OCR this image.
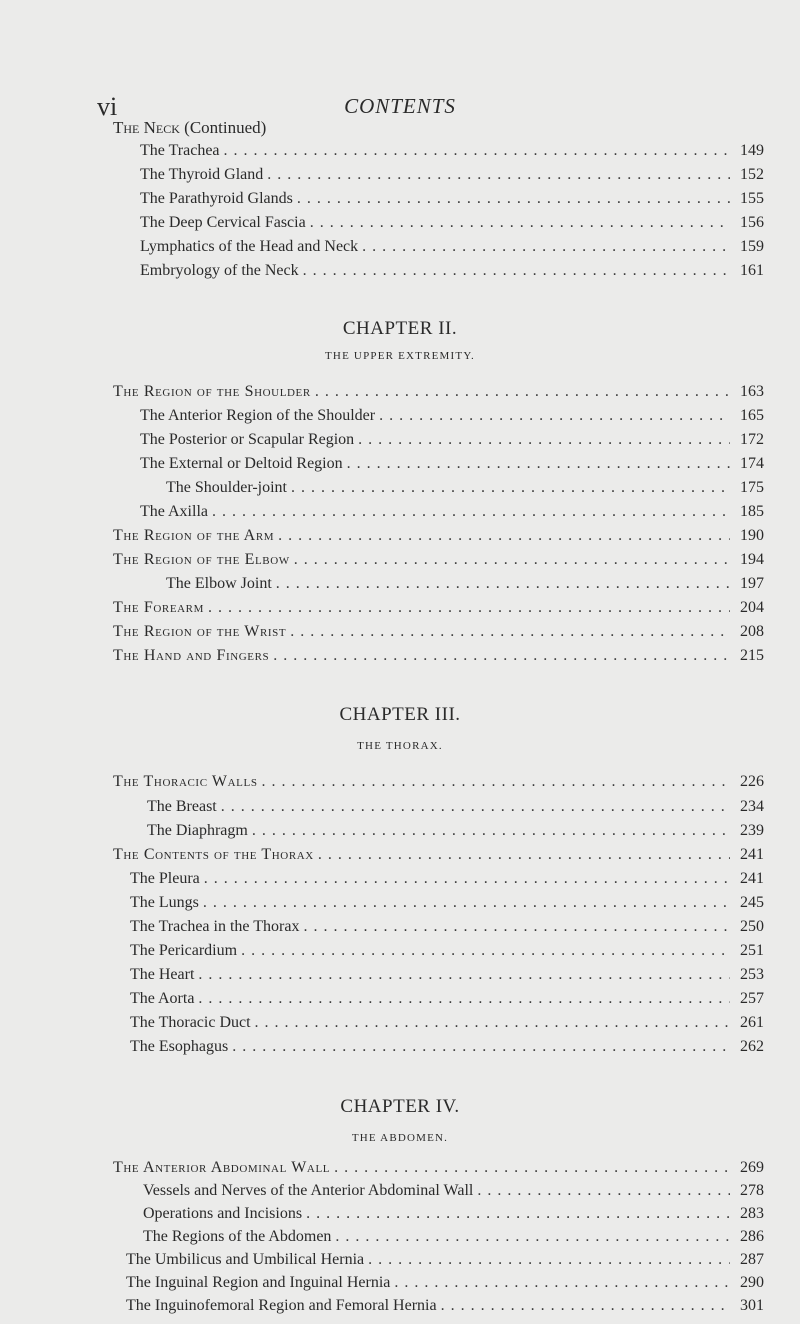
vi	CONTENTS
The Neck (Continued)
The Trachea . . .	149
The Thyroid Gland . . .	152
The Parathyroid Glands . . .	155
The Deep Cervical Fascia . . .	156
Lymphatics of the Head and Neck . . .	159
Embryology of the Neck . . .	161
CHAPTER II.
THE UPPER EXTREMITY.
The Region of the Shoulder . . .	163
The Anterior Region of the Shoulder . . .	165
The Posterior or Scapular Region . . .	172
The External or Deltoid Region . . .	174
The Shoulder-joint . . .	175
The Axilla . . .	185
The Region of the Arm . . .	190
The Region of the Elbow . . .	194
The Elbow Joint . . .	197
The Forearm . . .	204
The Region of the Wrist . . .	208
The Hand and Fingers . . .	215
CHAPTER III.
THE THORAX.
The Thoracic Walls . . .	226
The Breast . . .	234
The Diaphragm . . .	239
The Contents of the Thorax . . .	241
The Pleura . . .	241
The Lungs . . .	245
The Trachea in the Thorax . . .	250
The Pericardium . . .	251
The Heart . . .	253
The Aorta . . .	257
The Thoracic Duct . . .	261
The Esophagus . . .	262
CHAPTER IV.
THE ABDOMEN.
The Anterior Abdominal Wall . . .	269
Vessels and Nerves of the Anterior Abdominal Wall . . .	278
Operations and Incisions . . .	283
The Regions of the Abdomen . . .	286
The Umbilicus and Umbilical Hernia . . .	287
The Inguinal Region and Inguinal Hernia . . .	290
The Inguinofemoral Region and Femoral Hernia . . .	301
